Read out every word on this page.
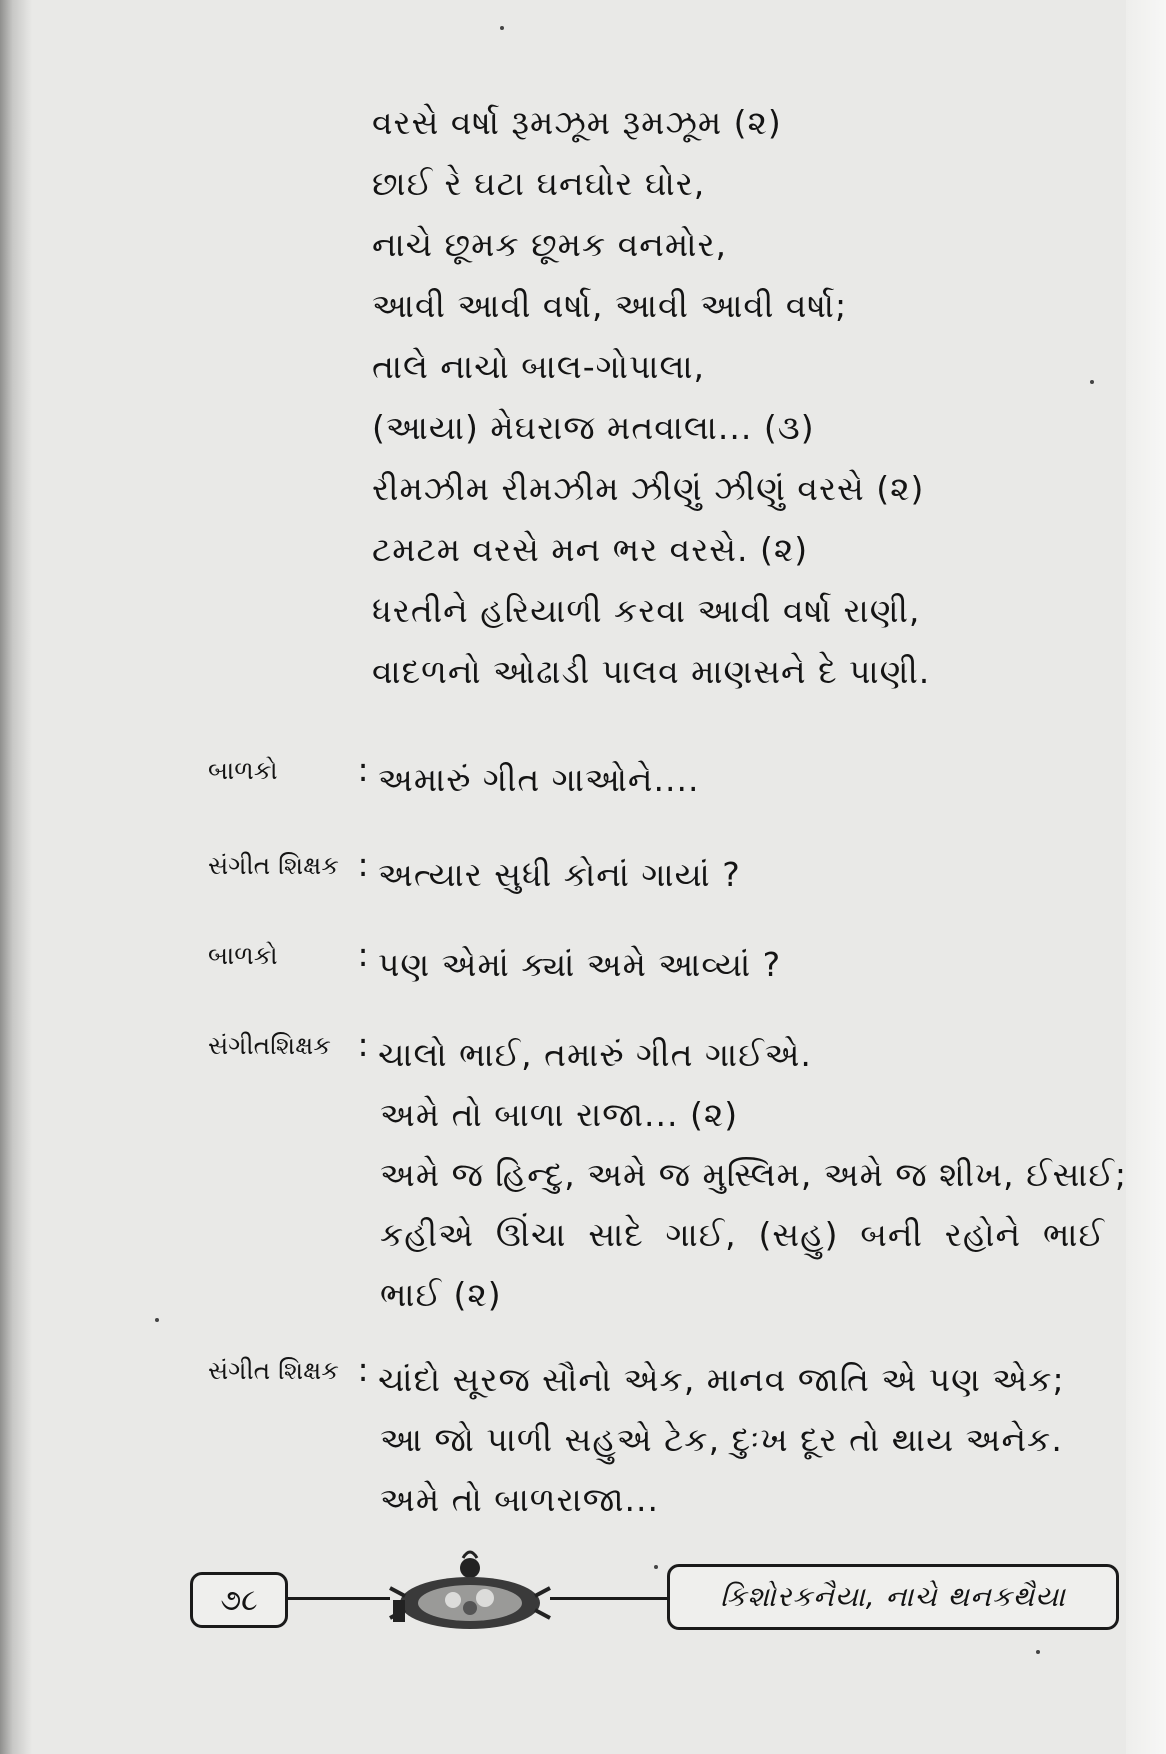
વરસે વર્ષા રૂમઝૂમ રૂમઝૂમ (૨)
છાઈ રે ઘટા ઘનઘોર ઘોર,
નાચે છૂમક છૂમક વનમોર,
આવી આવી વર્ષા, આવી આવી વર્ષા;
તાલે નાચો બાલ-ગોપાલા,
(આયા) મેઘરાજ મતવાલા... (૩)
રીમઝીમ રીમઝીમ ઝીણું ઝીણું વરસે (૨)
ટમટમ વરસે મન ભર વરસે. (૨)
ધરતીને હરિયાળી કરવા આવી વર્ષા રાણી,
વાદળનો ઓઢાડી પાલવ માણસને દે પાણી.
બાળકો	: અમારું ગીત ગાઓને....
સંગીત શિક્ષક : અત્યાર સુધી કોનાં ગાયાં ?
બાળકો	: પણ એમાં ક્યાં અમે આવ્યાં ?
સંગીતશિક્ષક : ચાલો ભાઈ, તમારું ગીત ગાઈએ.
અમે તો બાળા રાજા... (૨)
અમે જ હિન્દુ, અમે જ મુસ્લિમ, અમે જ શીખ, ઈસાઈ;
કહીએ ઊંચા સાદે ગાઈ, (સહુ) બની રહોને ભાઈ
ભાઈ (૨)
સંગીત શિક્ષક : ચાંદો સૂરજ સૌનો એક, માનવ જાતિ એ પણ એક;
આ જો પાળી સહુએ ટેક, દુઃખ દૂર તો થાય અનેક.
અમે તો બાળરાજા...
૭૮	કિશોરકનૈયા, નાચે થનકથૈયા
